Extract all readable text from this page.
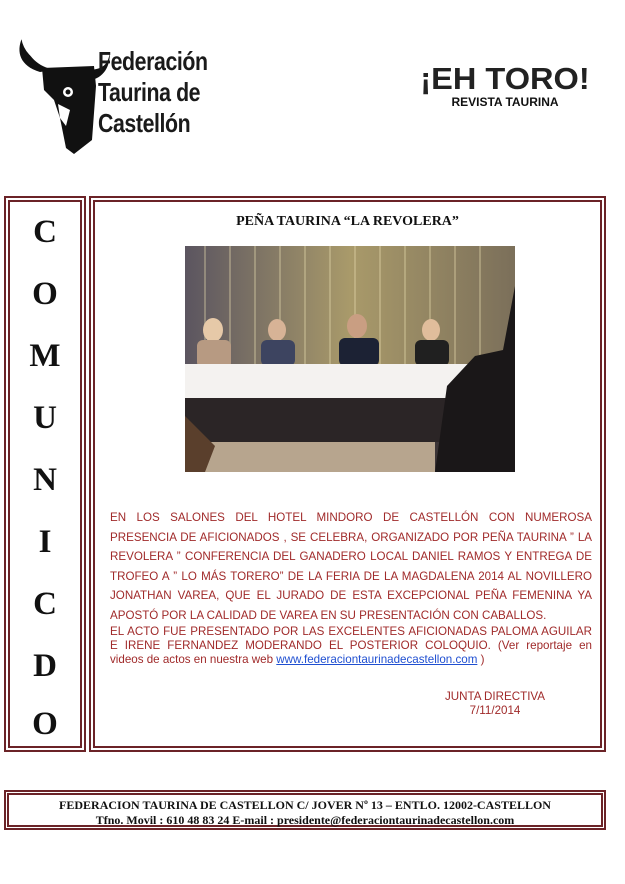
Federación
Taurina de
Castellón
¡EH TORO!
REVISTA TAURINA
C
O
M
U
N
I
C
D
O
PEÑA TAURINA “LA REVOLERA”
EN LOS SALONES DEL HOTEL MINDORO DE CASTELLÓN CON NUMEROSA PRESENCIA DE AFICIONADOS , SE CELEBRA, ORGANIZADO POR PEÑA TAURINA ” LA REVOLERA ” CONFERENCIA DEL GANADERO LOCAL DANIEL RAMOS Y ENTREGA DE TROFEO A ” LO MÁS TORERO” DE LA FERIA DE LA MAGDALENA 2014 AL NOVILLERO JONATHAN VAREA, QUE EL JURADO DE ESTA EXCEPCIONAL PEÑA FEMENINA YA APOSTÓ POR LA CALIDAD DE VAREA EN SU PRESENTACIÓN CON CABALLOS.
EL ACTO FUE PRESENTADO POR LAS EXCELENTES AFICIONADAS PALOMA AGUILAR E IRENE FERNANDEZ MODERANDO EL POSTERIOR COLOQUIO. (Ver reportaje en videos de actos en nuestra web www.federaciontaurinadecastellon.com )
JUNTA DIRECTIVA
7/11/2014
FEDERACION TAURINA DE CASTELLON C/ JOVER Nº 13 – ENTLO. 12002-CASTELLON
Tfno. Movil : 610 48 83 24 E-mail : presidente@federaciontaurinadecastellon.com
